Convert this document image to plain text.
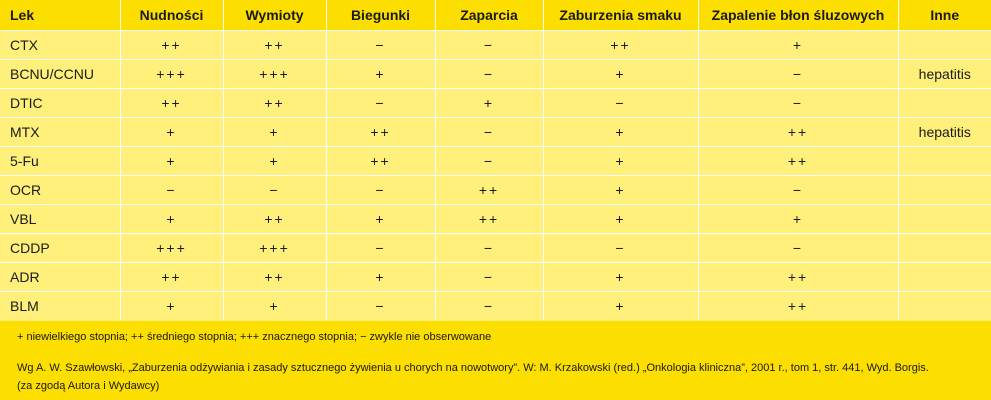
Lek	Nudności	Wymioty	Biegunki	Zaparcia	Zaburzenia smaku	Zapalenie błon śluzowych	Inne
CTX	++	++	−	−	++	+	
BCNU/CCNU	+++	+++	+	−	+	−	hepatitis
DTIC	++	++	−	+	−	−	
MTX	+	+	++	−	+	++	hepatitis
5-Fu	+	+	++	−	+	++	
OCR	−	−	−	++	+	−	
VBL	+	++	+	++	+	+	
CDDP	+++	+++	−	−	−	−	
ADR	++	++	+	−	+	++	
BLM	+	+	−	−	+	++	
+ niewielkiego stopnia; ++ średniego stopnia; +++ znacznego stopnia; − zwykle nie obserwowane
Wg A. W. Szawłowski, „Zaburzenia odżywiania i zasady sztucznego żywienia u chorych na nowotwory”. W: M. Krzakowski (red.) „Onkologia kliniczna”, 2001 r., tom 1, str. 441, Wyd. Borgis.
(za zgodą Autora i Wydawcy)
